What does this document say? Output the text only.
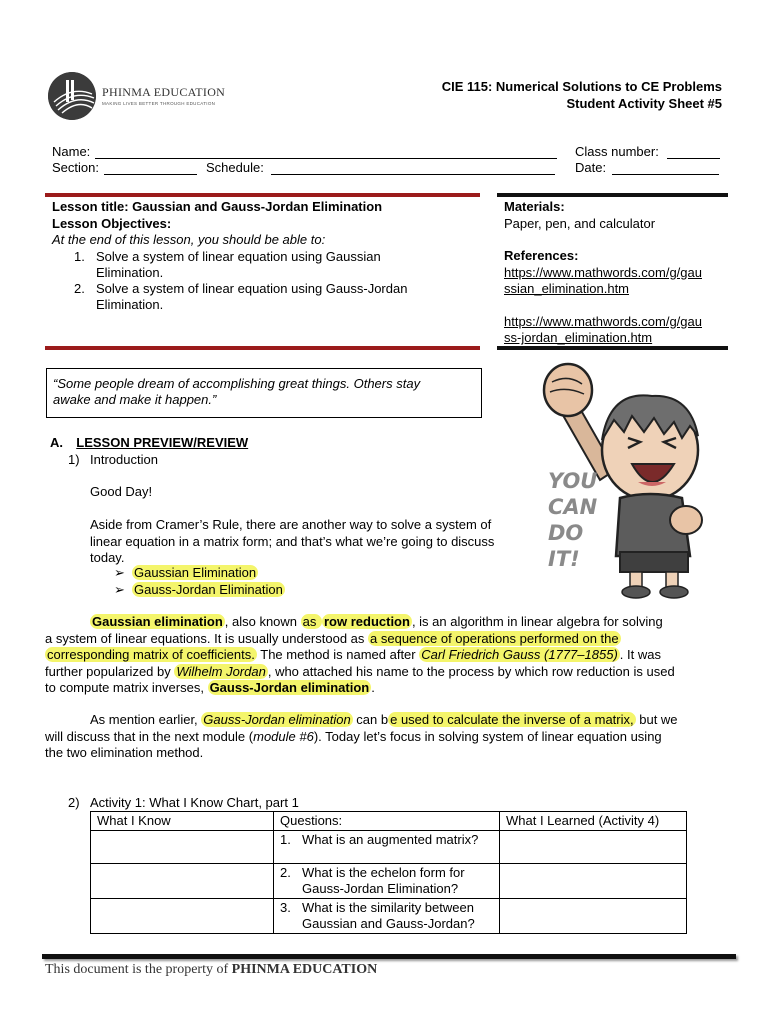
PHINMA EDUCATION
MAKING LIVES BETTER THROUGH EDUCATION
CIE 115: Numerical Solutions to CE Problems
Student Activity Sheet #5
Name:	Class number:
Section:	Schedule:	Date:
Lesson title: Gaussian and Gauss-Jordan Elimination
Lesson Objectives:
At the end of this lesson, you should be able to:
1. Solve a system of linear equation using Gaussian
Elimination.
2. Solve a system of linear equation using Gauss-Jordan
Elimination.
Materials:
Paper, pen, and calculator
References:
https://www.mathwords.com/g/gau
ssian_elimination.htm
https://www.mathwords.com/g/gau
ss-jordan_elimination.htm
“Some people dream of accomplishing great things. Others stay
awake and make it happen.”
YOU
CAN
DO
IT!
A. LESSON PREVIEW/REVIEW
1) Introduction
Good Day!
Aside from Cramer’s Rule, there are another way to solve a system of
linear equation in a matrix form; and that’s what we’re going to discuss
today.
➢ Gaussian Elimination
➢ Gauss-Jordan Elimination
Gaussian elimination , also known as row reduction , is an algorithm in linear algebra for solving
a system of linear equations. It is usually understood as a sequence of operations performed on the
corresponding matrix of coefficients. The method is named after Carl Friedrich Gauss (1777–1855) . It was
further popularized by Wilhelm Jordan , who attached his name to the process by which row reduction is used
to compute matrix inverses, Gauss-Jordan elimination .
As mention earlier, Gauss-Jordan elimination can b e used to calculate the inverse of a matrix, but we
will discuss that in the next module (module #6). Today let’s focus in solving system of linear equation using
the two elimination method.
2) Activity 1: What I Know Chart, part 1
What I Know	Questions:	What I Learned (Activity 4)

	1. What is an augmented matrix?	

	2. What is the echelon form for
Gauss-Jordan Elimination?	

	3. What is the similarity between
Gaussian and Gauss-Jordan?	

This document is the property of PHINMA EDUCATION
